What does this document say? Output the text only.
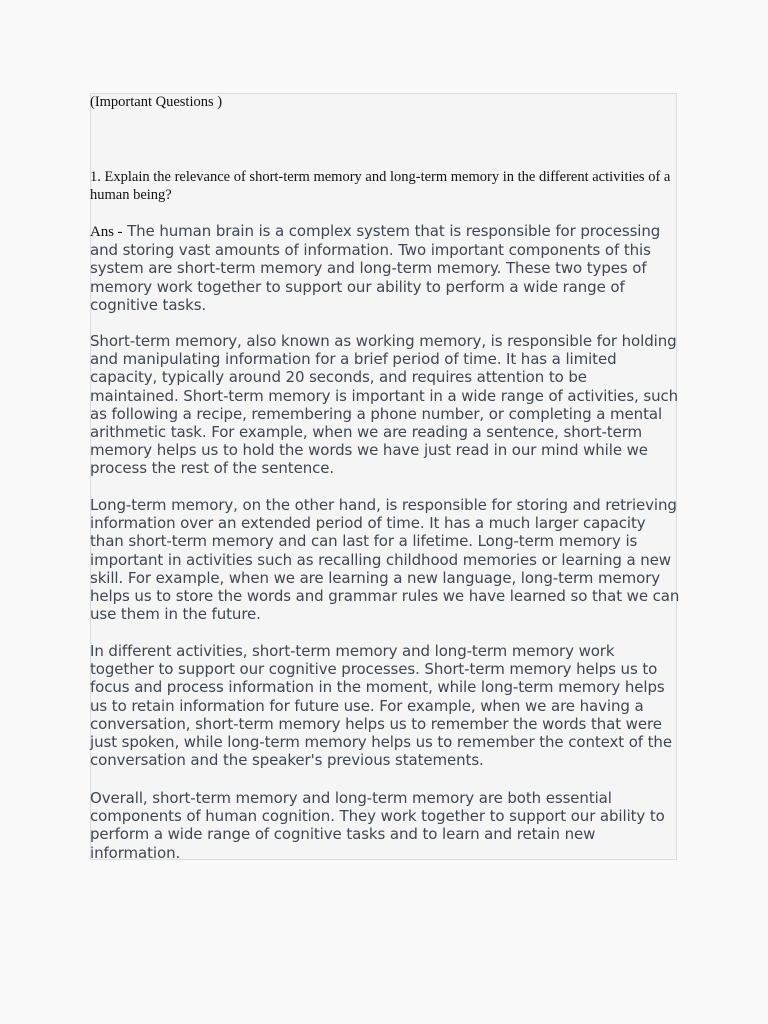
(Important Questions )
1. Explain the relevance of short-term memory and long-term memory in the different activities of a human being?

Ans - The human brain is a complex system that is responsible for processing and storing vast amounts of information. Two important components of this system are short-term memory and long-term memory. These two types of memory work together to support our ability to perform a wide range of cognitive tasks.

Short-term memory, also known as working memory, is responsible for holding and manipulating information for a brief period of time. It has a limited capacity, typically around 20 seconds, and requires attention to be maintained. Short-term memory is important in a wide range of activities, such as following a recipe, remembering a phone number, or completing a mental arithmetic task. For example, when we are reading a sentence, short-term memory helps us to hold the words we have just read in our mind while we process the rest of the sentence.

Long-term memory, on the other hand, is responsible for storing and retrieving information over an extended period of time. It has a much larger capacity than short-term memory and can last for a lifetime. Long-term memory is important in activities such as recalling childhood memories or learning a new skill. For example, when we are learning a new language, long-term memory helps us to store the words and grammar rules we have learned so that we can use them in the future.

In different activities, short-term memory and long-term memory work together to support our cognitive processes. Short-term memory helps us to focus and process information in the moment, while long-term memory helps us to retain information for future use. For example, when we are having a conversation, short-term memory helps us to remember the words that were just spoken, while long-term memory helps us to remember the context of the conversation and the speaker's previous statements.

Overall, short-term memory and long-term memory are both essential components of human cognition. They work together to support our ability to perform a wide range of cognitive tasks and to learn and retain new information.
